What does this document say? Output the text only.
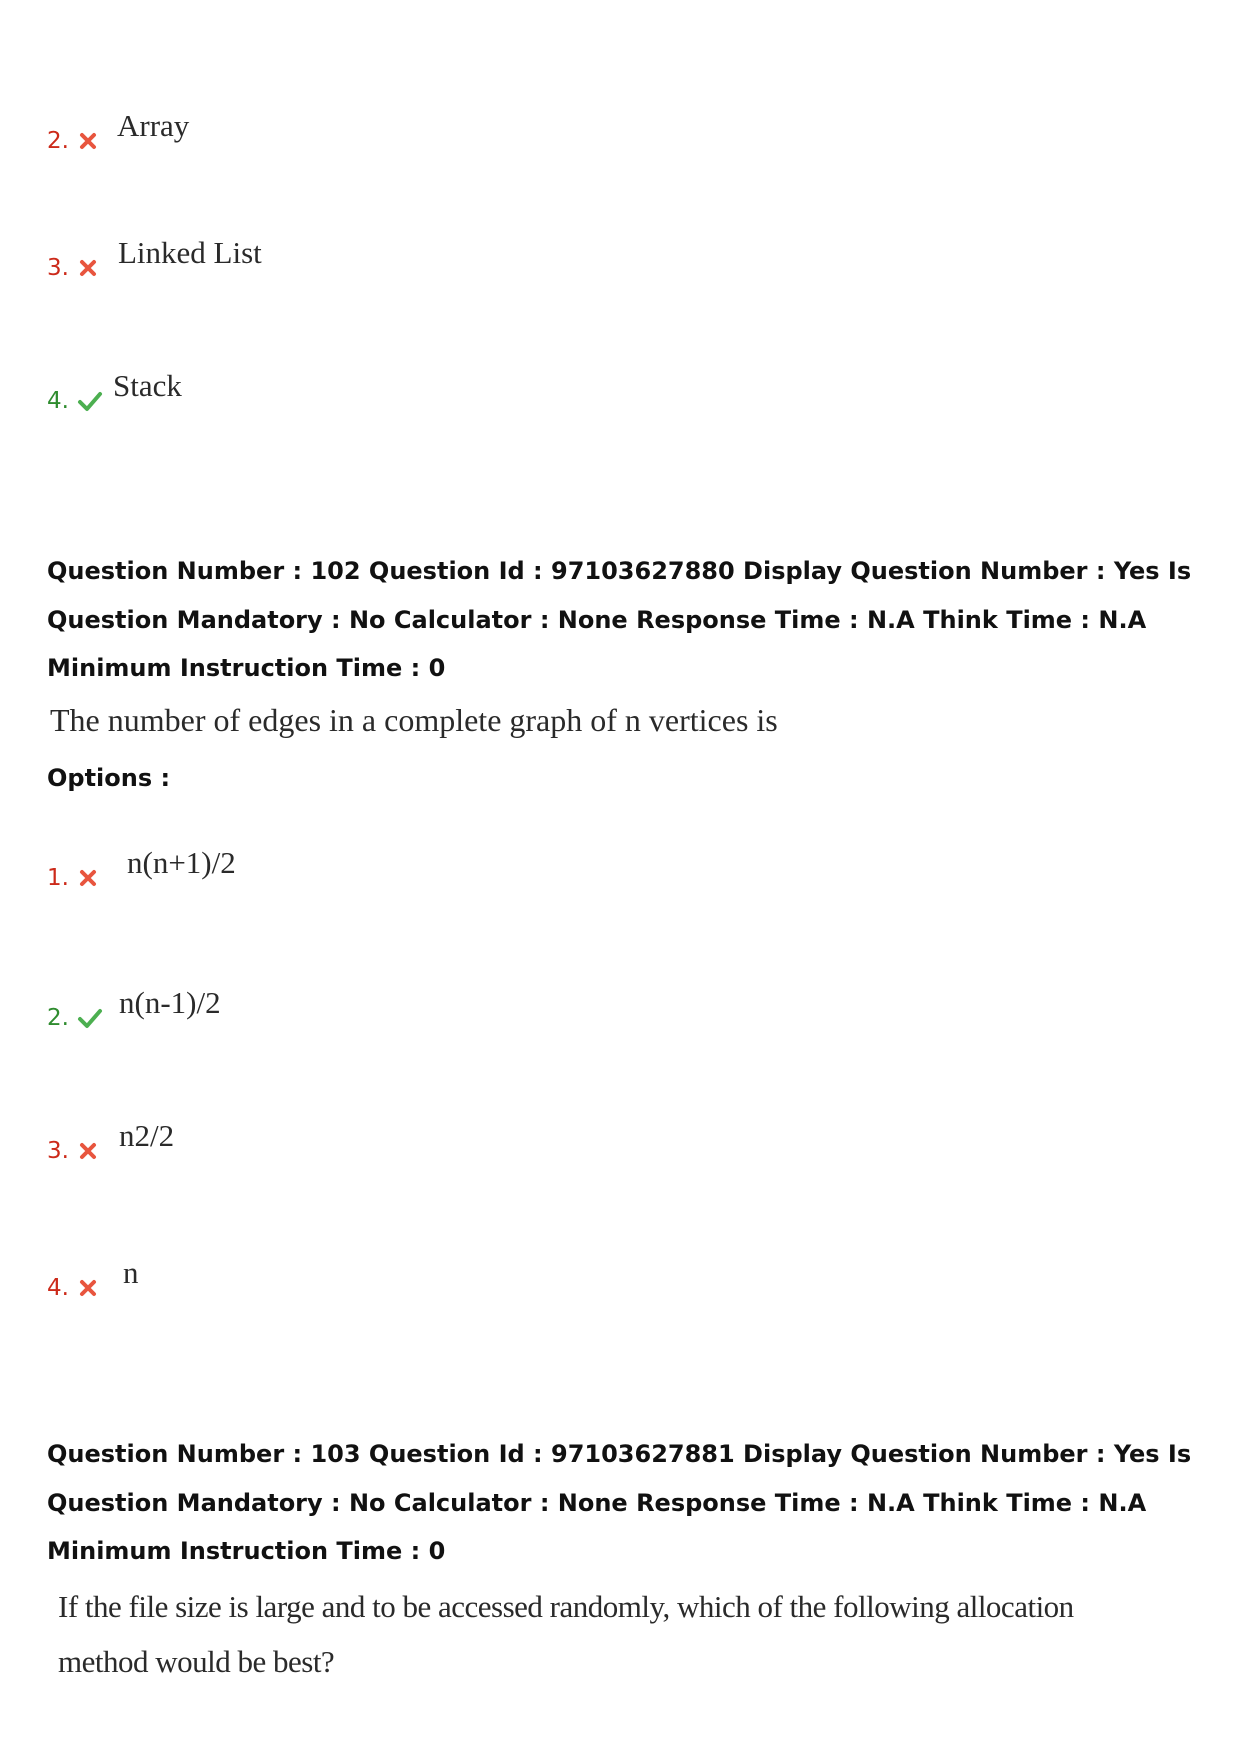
2. Array
3. Linked List
4. Stack
Question Number : 102 Question Id : 97103627880 Display Question Number : Yes Is Question Mandatory : No Calculator : None Response Time : N.A Think Time : N.A Minimum Instruction Time : 0
The number of edges in a complete graph of n vertices is
Options :
1. n(n+1)/2
2. n(n-1)/2
3. n2/2
4. n
Question Number : 103 Question Id : 97103627881 Display Question Number : Yes Is Question Mandatory : No Calculator : None Response Time : N.A Think Time : N.A Minimum Instruction Time : 0
If the file size is large and to be accessed randomly, which of the following allocation
method would be best?
